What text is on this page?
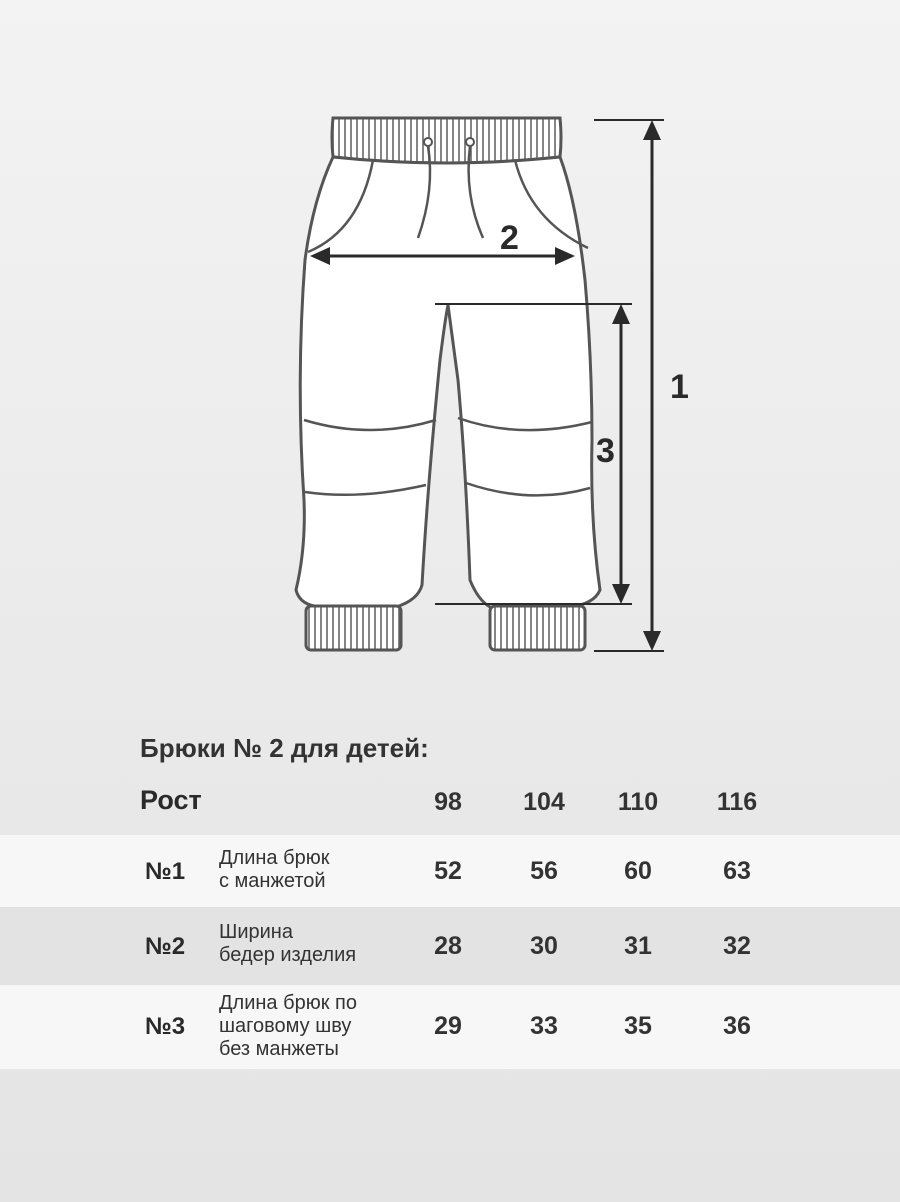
1
3
2
Брюки № 2 для детей:
Рост	98	104	110	116
№1 Длина брюк
с манжетой	52	56	60	63
№2
Ширина
бедер изделия	28	30	31	32
№3
Длина брюк по
шаговому шву
без манжеты
29	33	35	36
